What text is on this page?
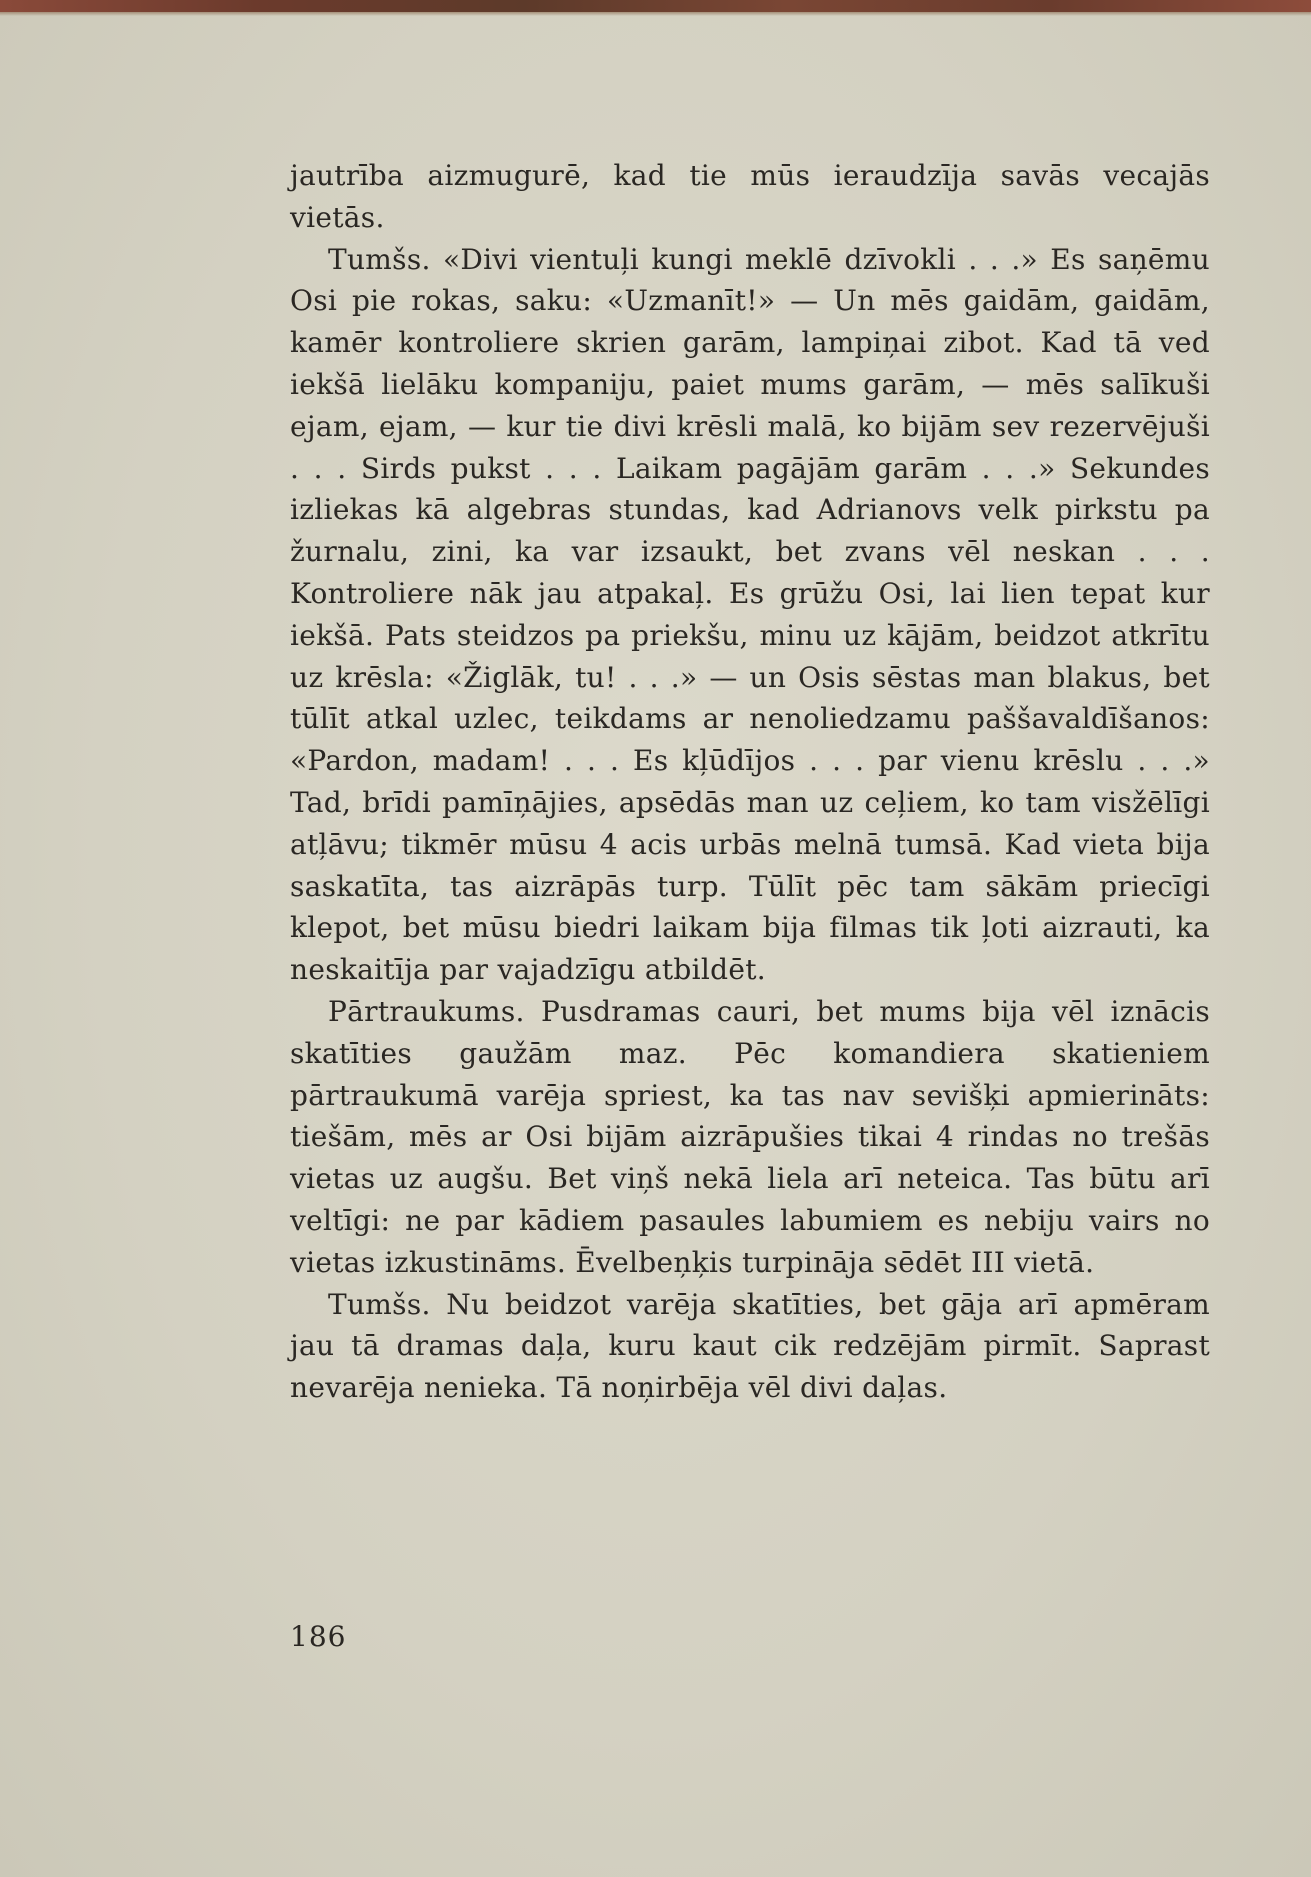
jautrība aizmugurē, kad tie mūs ieraudzīja savās vecajās vietās.

Tumšs. «Divi vientuļi kungi meklē dzīvokli . . .» Es saņēmu Osi pie rokas, saku: «Uzmanīt!» — Un mēs gaidām, gaidām, kamēr kontroliere skrien garām, lampiņai zibot. Kad tā ved iekšā lielāku kompaniju, paiet mums garām, — mēs salīkuši ejam, ejam, — kur tie divi krēsli malā, ko bijām sev rezervējuši . . . Sirds pukst . . . Laikam pagājām garām . . .» Sekundes izliekas kā algebras stundas, kad Adrianovs velk pirkstu pa žurnalu, zini, ka var izsaukt, bet zvans vēl neskan . . . Kontroliere nāk jau atpakaļ. Es grūžu Osi, lai lien tepat kur iekšā. Pats steidzos pa priekšu, minu uz kājām, beidzot atkrītu uz krēsla: «Žiglāk, tu! . . .» — un Osis sēstas man blakus, bet tūlīt atkal uzlec, teikdams ar nenoliedzamu paššavaldīšanos: «Pardon, madam! . . . Es kļūdījos . . . par vienu krēslu . . .» Tad, brīdi pamīņājies, apsēdās man uz ceļiem, ko tam visžēlīgi atļāvu; tikmēr mūsu 4 acis urbās melnā tumsā. Kad vieta bija saskatīta, tas aizrāpās turp. Tūlīt pēc tam sākām priecīgi klepot, bet mūsu biedri laikam bija filmas tik ļoti aizrauti, ka neskaitīja par vajadzīgu atbildēt.

Pārtraukums. Pusdramas cauri, bet mums bija vēl iznācis skatīties gaužām maz. Pēc komandiera skatieniem pārtraukumā varēja spriest, ka tas nav sevišķi apmierināts: tiešām, mēs ar Osi bijām aizrāpušies tikai 4 rindas no trešās vietas uz augšu. Bet viņš nekā liela arī neteica. Tas būtu arī veltīgi: ne par kādiem pasaules labumiem es nebiju vairs no vietas izkustināms. Ēvelbeņķis turpināja sēdēt III vietā.

Tumšs. Nu beidzot varēja skatīties, bet gāja arī apmēram jau tā dramas daļa, kuru kaut cik redzējām pirmīt. Saprast nevarēja nenieka. Tā noņirbēja vēl divi daļas.

186
